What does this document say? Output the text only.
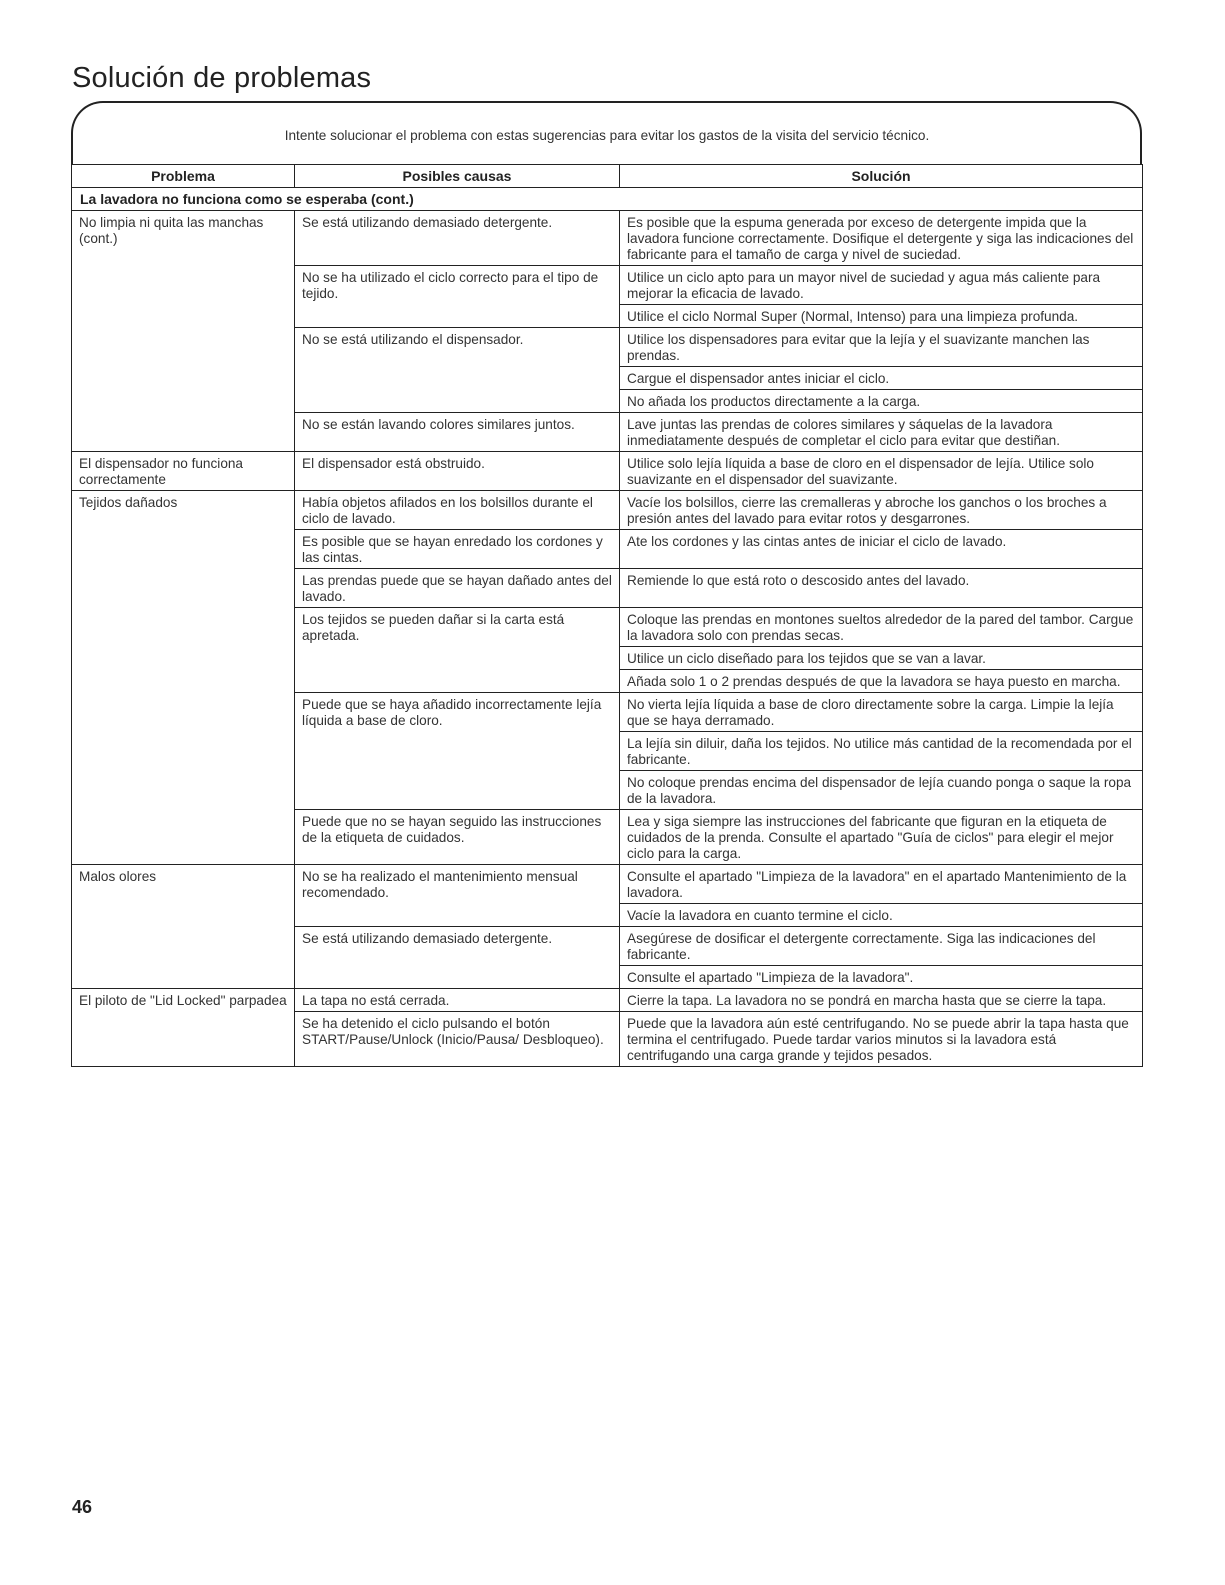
Solución de problemas

Intente solucionar el problema con estas sugerencias para evitar los gastos de la visita del servicio técnico.

Problema	Posibles causas	Solución
La lavadora no funciona como se esperaba (cont.)		
No limpia ni quita las manchas (cont.)	Se está utilizando demasiado detergente.	Es posible que la espuma generada por exceso de detergente impida que la lavadora funcione correctamente. Dosifique el detergente y siga las indicaciones del fabricante para el tamaño de carga y nivel de suciedad.
	No se ha utilizado el ciclo correcto para el tipo de tejido.	Utilice un ciclo apto para un mayor nivel de suciedad y agua más caliente para mejorar la eficacia de lavado.
		Utilice el ciclo Normal Super (Normal, Intenso) para una limpieza profunda.
	No se está utilizando el dispensador.	Utilice los dispensadores para evitar que la lejía y el suavizante manchen las prendas.
		Cargue el dispensador antes iniciar el ciclo.
		No añada los productos directamente a la carga.
	No se están lavando colores similares juntos.	Lave juntas las prendas de colores similares y sáquelas de la lavadora inmediatamente después de completar el ciclo para evitar que destiñan.
El dispensador no funciona correctamente	El dispensador está obstruido.	Utilice solo lejía líquida a base de cloro en el dispensador de lejía. Utilice solo suavizante en el dispensador del suavizante.
Tejidos dañados	Había objetos afilados en los bolsillos durante el ciclo de lavado.	Vacíe los bolsillos, cierre las cremalleras y abroche los ganchos o los broches a presión antes del lavado para evitar rotos y desgarrones.
	Es posible que se hayan enredado los cordones y las cintas.	Ate los cordones y las cintas antes de iniciar el ciclo de lavado.
	Las prendas puede que se hayan dañado antes del lavado.	Remiende lo que está roto o descosido antes del lavado.
	Los tejidos se pueden dañar si la carta está apretada.	Coloque las prendas en montones sueltos alrededor de la pared del tambor. Cargue la lavadora solo con prendas secas.
		Utilice un ciclo diseñado para los tejidos que se van a lavar.
		Añada solo 1 o 2 prendas después de que la lavadora se haya puesto en marcha.
	Puede que se haya añadido incorrectamente lejía líquida a base de cloro.	No vierta lejía líquida a base de cloro directamente sobre la carga. Limpie la lejía que se haya derramado.
		La lejía sin diluir, daña los tejidos. No utilice más cantidad de la recomendada por el fabricante.
		No coloque prendas encima del dispensador de lejía cuando ponga o saque la ropa de la lavadora.
	Puede que no se hayan seguido las instrucciones de la etiqueta de cuidados.	Lea y siga siempre las instrucciones del fabricante que figuran en la etiqueta de cuidados de la prenda. Consulte el apartado "Guía de ciclos" para elegir el mejor ciclo para la carga.
Malos olores	No se ha realizado el mantenimiento mensual recomendado.	Consulte el apartado "Limpieza de la lavadora" en el apartado Mantenimiento de la lavadora.
		Vacíe la lavadora en cuanto termine el ciclo.
	Se está utilizando demasiado detergente.	Asegúrese de dosificar el detergente correctamente. Siga las indicaciones del fabricante.
		Consulte el apartado "Limpieza de la lavadora".
El piloto de "Lid Locked" parpadea	La tapa no está cerrada.	Cierre la tapa. La lavadora no se pondrá en marcha hasta que se cierre la tapa.
	Se ha detenido el ciclo pulsando el botón START/Pause/Unlock (Inicio/Pausa/ Desbloqueo).	Puede que la lavadora aún esté centrifugando. No se puede abrir la tapa hasta que termina el centrifugado. Puede tardar varios minutos si la lavadora está centrifugando una carga grande y tejidos pesados.

46
